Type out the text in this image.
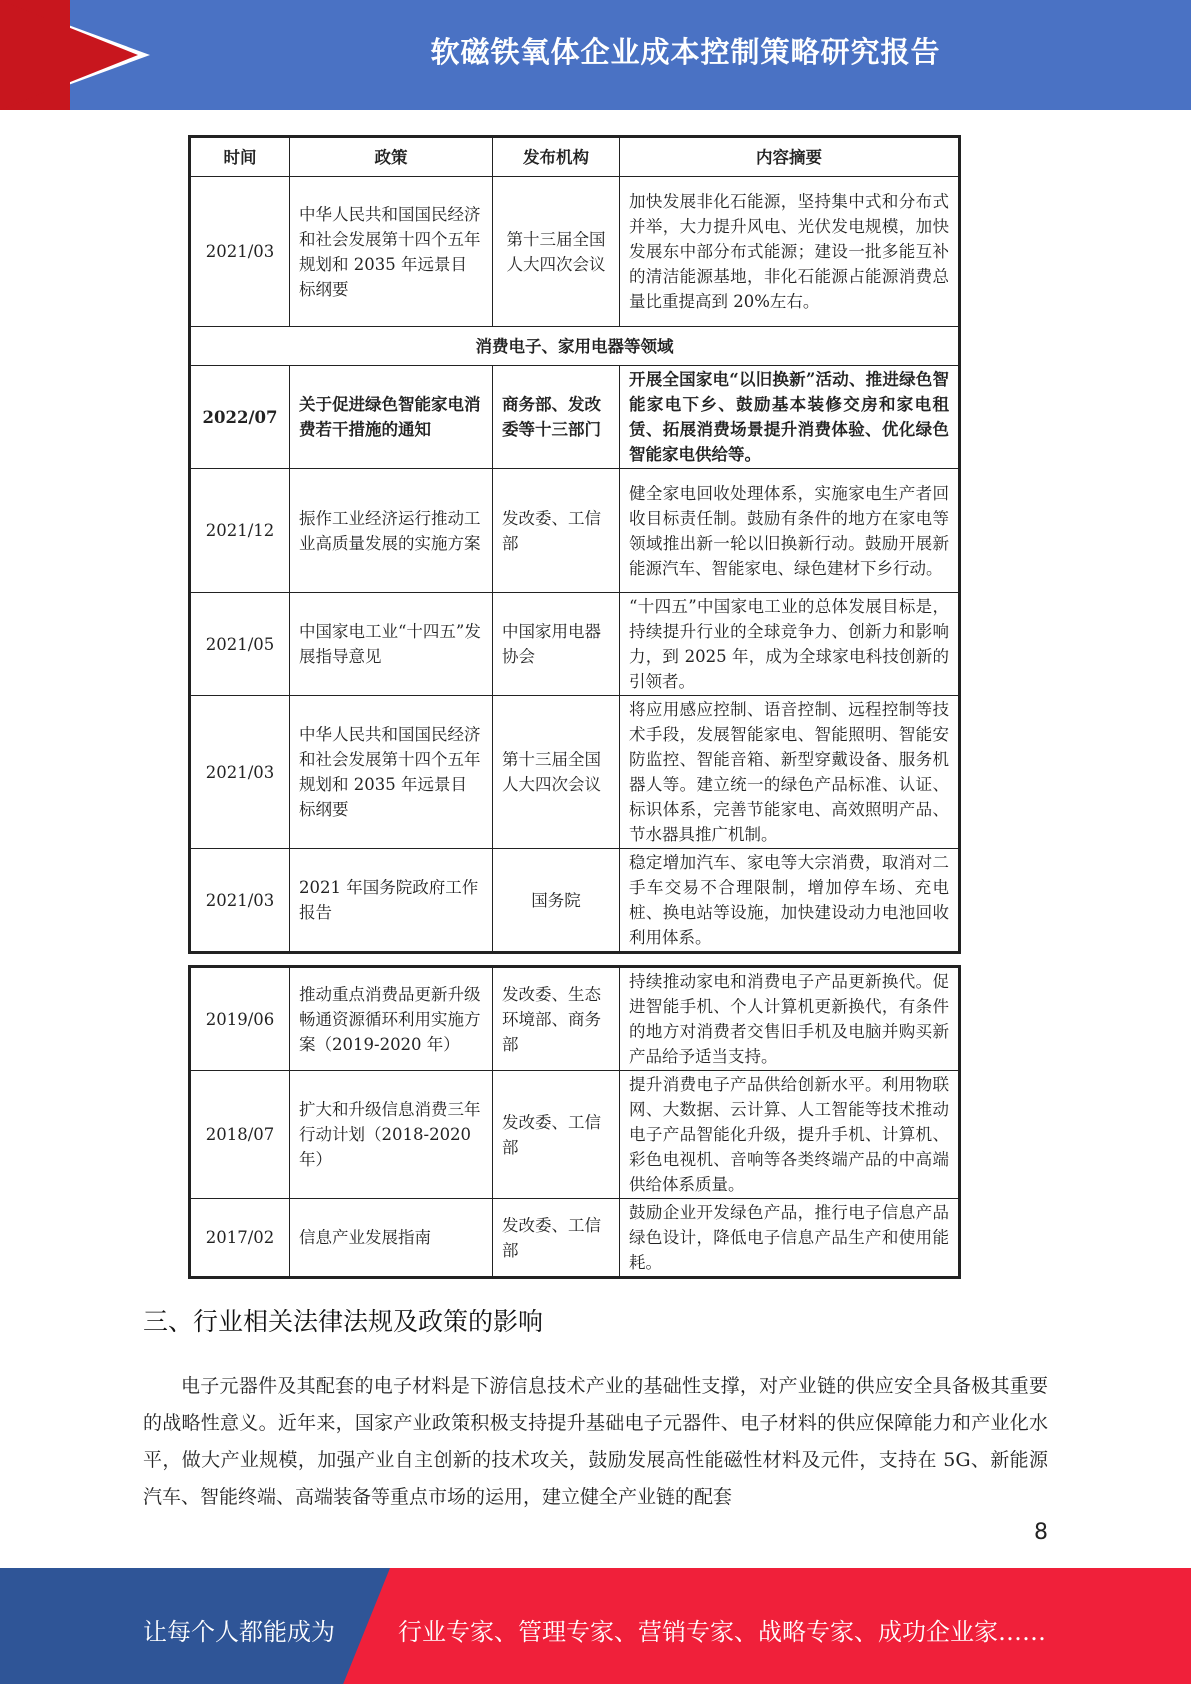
软磁铁氧体企业成本控制策略研究报告
时间	政策	发布机构	内容摘要
2021/03	中华人民共和国国民经济和社会发展第十四个五年规划和 2035 年远景目标纲要	第十三届全国人大四次会议	加快发展非化石能源，坚持集中式和分布式并举，大力提升风电、光伏发电规模，加快发展东中部分布式能源；建设一批多能互补的清洁能源基地，非化石能源占能源消费总量比重提高到 20%左右。
消费电子、家用电器等领域			
2022/07	关于促进绿色智能家电消费若干措施的通知	商务部、发改委等十三部门	开展全国家电“以旧换新”活动、推进绿色智能家电下乡、鼓励基本装修交房和家电租赁、拓展消费场景提升消费体验、优化绿色智能家电供给等。
2021/12	振作工业经济运行推动工业高质量发展的实施方案	发改委、工信部	健全家电回收处理体系，实施家电生产者回收目标责任制。鼓励有条件的地方在家电等领域推出新一轮以旧换新行动。鼓励开展新能源汽车、智能家电、绿色建材下乡行动。
2021/05	中国家电工业“十四五”发展指导意见	中国家用电器协会	“十四五”中国家电工业的总体发展目标是，持续提升行业的全球竞争力、创新力和影响力，到 2025 年，成为全球家电科技创新的引领者。
2021/03	中华人民共和国国民经济和社会发展第十四个五年规划和 2035 年远景目标纲要	第十三届全国人大四次会议	将应用感应控制、语音控制、远程控制等技术手段，发展智能家电、智能照明、智能安防监控、智能音箱、新型穿戴设备、服务机器人等。建立统一的绿色产品标准、认证、标识体系，完善节能家电、高效照明产品、节水器具推广机制。
2021/03	2021 年国务院政府工作报告	国务院	稳定增加汽车、家电等大宗消费，取消对二手车交易不合理限制，增加停车场、充电桩、换电站等设施，加快建设动力电池回收利用体系。
2019/06	推动重点消费品更新升级畅通资源循环利用实施方案（2019-2020 年）	发改委、生态环境部、商务部	持续推动家电和消费电子产品更新换代。促进智能手机、个人计算机更新换代，有条件的地方对消费者交售旧手机及电脑并购买新产品给予适当支持。
2018/07	扩大和升级信息消费三年行动计划（2018-2020 年）	发改委、工信部	提升消费电子产品供给创新水平。利用物联网、大数据、云计算、人工智能等技术推动电子产品智能化升级，提升手机、计算机、彩色电视机、音响等各类终端产品的中高端供给体系质量。
2017/02	信息产业发展指南	发改委、工信部	鼓励企业开发绿色产品，推行电子信息产品绿色设计，降低电子信息产品生产和使用能耗。
三、行业相关法律法规及政策的影响

电子元器件及其配套的电子材料是下游信息技术产业的基础性支撑，对产业链的供应安全具备极其重要的战略性意义。近年来，国家产业政策积极支持提升基础电子元器件、电子材料的供应保障能力和产业化水平，做大产业规模，加强产业自主创新的技术攻关，鼓励发展高性能磁性材料及元件，支持在 5G、新能源汽车、智能终端、高端装备等重点市场的运用，建立健全产业链的配套

8
让每个人都能成为	行业专家、管理专家、营销专家、战略专家、成功企业家……
